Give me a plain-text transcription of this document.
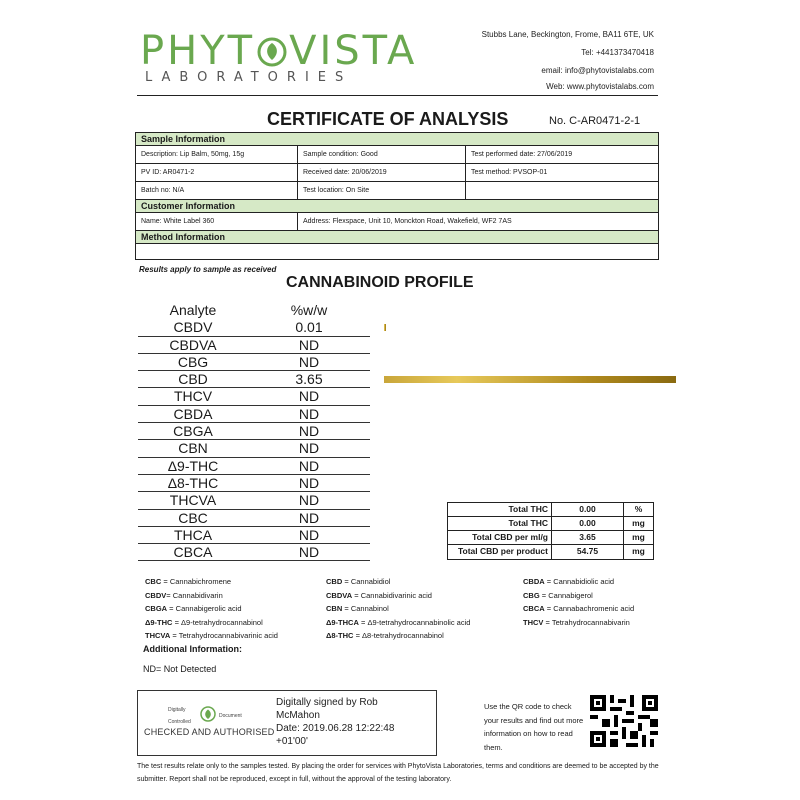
PHYT VISTA
LABORATORIES
Stubbs Lane, Beckington, Frome, BA11 6TE, UK
Tel: +441373470418
email: info@phytovistalabs.com
Web: www.phytovistalabs.com
CERTIFICATE OF ANALYSIS	No. C-AR0471-2-1
Sample Information
Description: Lip Balm, 50mg, 15g	Sample condition: Good	Test performed date: 27/06/2019
PV ID: AR0471-2	Received date: 20/06/2019	Test method: PVSOP-01
Batch no: N/A	Test location: On Site
Customer Information
Name: White Label 360	Address: Flexspace, Unit 10, Monckton Road, Wakefield, WF2 7AS
Method Information
Results apply to sample as received
CANNABINOID PROFILE
Analyte	%w/w
CBDV	0.01
CBDVA	ND
CBG	ND
CBD	3.65
THCV	ND
CBDA	ND
CBGA	ND
CBN	ND
Δ9-THC	ND
Δ8-THC	ND
THCVA	ND
CBC	ND
THCA	ND
CBCA	ND
Total THC	0.00	%
Total THC	0.00	mg
Total CBD per ml/g	3.65	mg
Total CBD per product	54.75	mg
CBC = Cannabichromene
CBDV= Cannabidivarin
CBGA = Cannabigerolic acid
Δ9-THC = Δ9-tetrahydrocannabinol
THCVA = Tetrahydrocannabivarinic acid
CBD = Cannabidiol
CBDVA = Cannabidivarinic acid
CBN = Cannabinol
Δ9-THCA = Δ9-tetrahydrocannabinolic acid
Δ8-THC = Δ8-tetrahydrocannabinol
CBDA = Cannabidiolic acid
CBG = Cannabigerol
CBCA = Cannabachromenic acid
THCV = Tetrahydrocannabivarin
Additional Information:
ND= Not Detected
Digitally
Controlled
Document
CHECKED AND AUTHORISED
Digitally signed by Rob
McMahon
Date: 2019.06.28 12:22:48
+01'00'
Use the QR code to check your results and find out more information on how to read them.
The test results relate only to the samples tested. By placing the order for services with PhytoVista Laboratories, terms and conditions are deemed to be accepted by the submitter. Report shall not be reproduced, except in full, without the approval of the testing laboratory.
